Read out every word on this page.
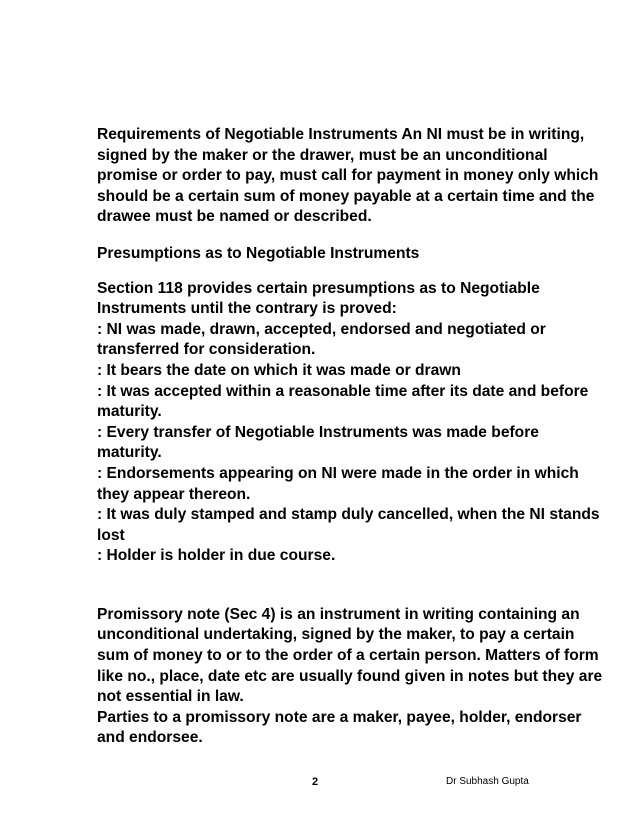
Requirements of Negotiable Instruments An NI must be in writing, signed by the maker or the drawer, must be an unconditional promise or order to pay, must call for payment in money only which should be a certain sum of money payable at a certain time and the drawee must be named or described.

Presumptions as to Negotiable Instruments

Section 118 provides certain presumptions as to Negotiable Instruments until the contrary is proved:

: NI was made, drawn, accepted, endorsed and negotiated or transferred for consideration.
: It bears the date on which it was made or drawn
: It was accepted within a reasonable time after its date and before maturity.
: Every transfer of Negotiable Instruments was made before maturity.
: Endorsements appearing on NI were made in the order in which they appear thereon.
: It was duly stamped and stamp duly cancelled, when the NI stands lost
: Holder is holder in due course.

Promissory note (Sec 4) is an instrument in writing containing an unconditional undertaking, signed by the maker, to pay a certain sum of money to or to the order of a certain person. Matters of form like no., place, date etc are usually found given in notes but they are not essential in law.

Parties to a promissory note are a maker, payee, holder, endorser and endorsee.

2	Dr Subhash Gupta
